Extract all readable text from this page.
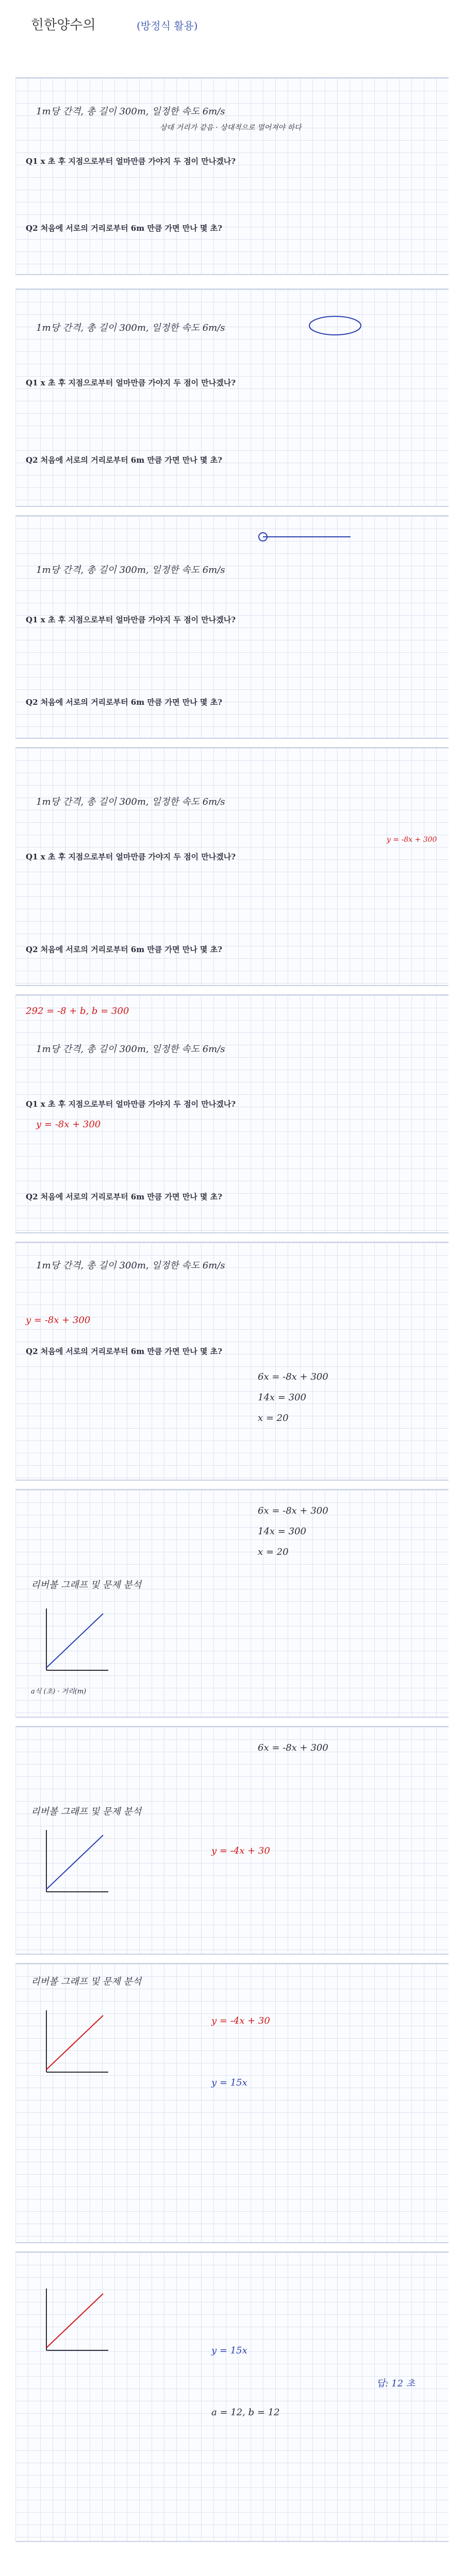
힌한양수의	(방정식 활용)
1m당 간격, 총 길이 300m, 일정한 속도 6m/s
상대 거리가 같음 · 상대적으로 멀어져야 하다
Q1 x 초 후 지점으로부터 얼마만큼 가야지 두 점이 만나겠나?
Q2 처음에 서로의 거리로부터 6m 만큼 가면 만나 몇 초?
1m당 간격, 총 길이 300m, 일정한 속도 6m/s
Q1 x 초 후 지점으로부터 얼마만큼 가야지 두 점이 만나겠나?
Q2 처음에 서로의 거리로부터 6m 만큼 가면 만나 몇 초?
1m당 간격, 총 길이 300m, 일정한 속도 6m/s
Q1 x 초 후 지점으로부터 얼마만큼 가야지 두 점이 만나겠나?
Q2 처음에 서로의 거리로부터 6m 만큼 가면 만나 몇 초?
1m당 간격, 총 길이 300m, 일정한 속도 6m/s
y = -8x + 300
Q1 x 초 후 지점으로부터 얼마만큼 가야지 두 점이 만나겠나?
Q2 처음에 서로의 거리로부터 6m 만큼 가면 만나 몇 초?
292 = -8 + b, b = 300
1m당 간격, 총 길이 300m, 일정한 속도 6m/s
y = -8x + 300
Q1 x 초 후 지점으로부터 얼마만큼 가야지 두 점이 만나겠나?
Q2 처음에 서로의 거리로부터 6m 만큼 가면 만나 몇 초?
1m당 간격, 총 길이 300m, 일정한 속도 6m/s
y = -8x + 300
6x = -8x + 300
14x = 300
x = 20
Q2 처음에 서로의 거리로부터 6m 만큼 가면 만나 몇 초?
6x = -8x + 300
14x = 300
x = 20
리버볼 그래프 및 문제 분석
a식 (초) · 거리(m)
6x = -8x + 300
리버볼 그래프 및 문제 분석
y = -4x + 30
리버볼 그래프 및 문제 분석
y = -4x + 30
y = 15x
y = 15x
a = 12, b = 12
답: 12 초
